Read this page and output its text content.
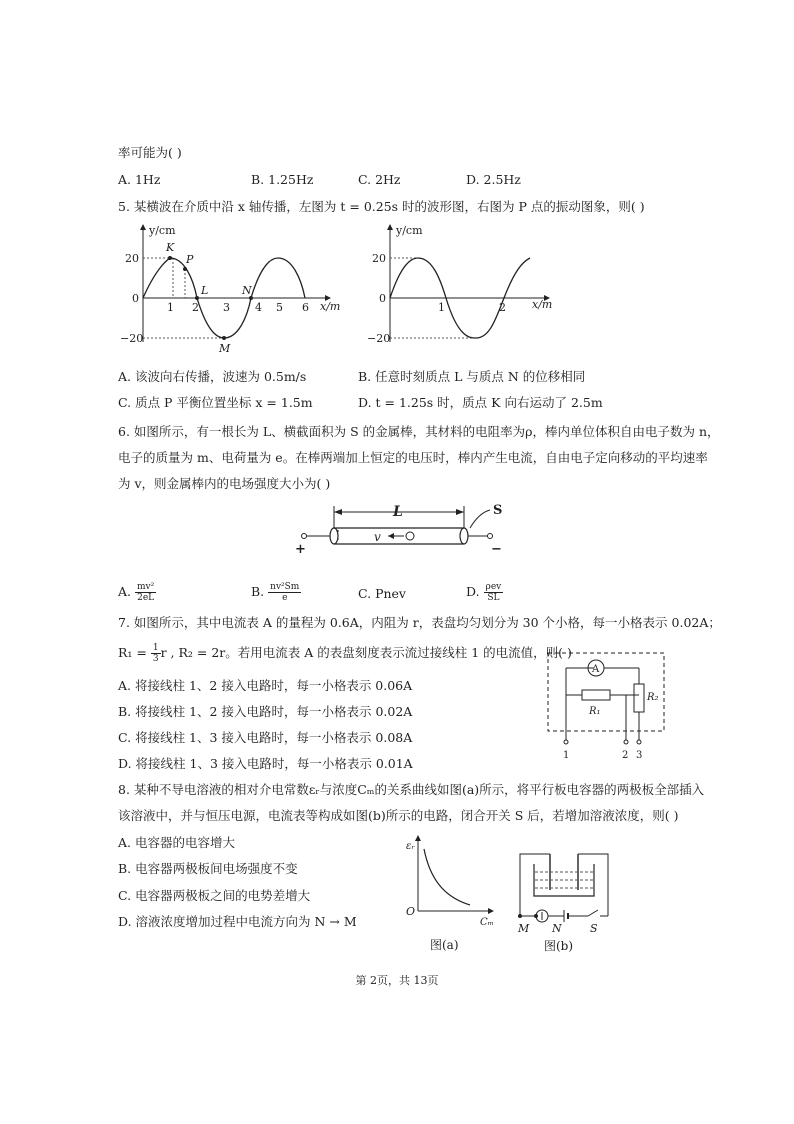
率可能为( )
A. 1Hz	B. 1.25Hz	C. 2Hz	D. 2.5Hz
5. 某横波在介质中沿 x 轴传播，左图为 t = 0.25s 时的波形图，右图为 P 点的振动图象，则( )
y/cm
x/m
20
0
−20
1 2 3 4 5 6
K
P
L	N
M
y/cm
x/m
20
0
−20
1	2
A. 该波向右传播，波速为 0.5m/s	B. 任意时刻质点 L 与质点 N 的位移相同
C. 质点 P 平衡位置坐标 x = 1.5m	D. t = 1.25s 时，质点 K 向右运动了 2.5m
6. 如图所示，有一根长为 L、横截面积为 S 的金属棒，其材料的电阻率为ρ，棒内单位体积自由电子数为 n，
电子的质量为 m、电荷量为 e。在棒两端加上恒定的电压时，棒内产生电流，自由电子定向移动的平均速率
为 v，则金属棒内的电场强度大小为( )
L
+	−
v
S
A. $\frac{\text{mv²}}{2eL}$	B. $\frac{\text{nv²Sm}}{e}$	C. Pnev	D. $\frac{\text{ρev}}{SL}$
7. 如图所示，其中电流表 A 的量程为 0.6A，内阻为 r，表盘均匀划分为 30 个小格，每一小格表示 0.02A；
$R_1 = \frac{1}{3}$ r , R₂ = 2r。若用电流表 A 的表盘刻度表示流过接线柱 1 的电流值，则( )
A
R₁
R₂
1	2 3
A. 将接线柱 1、2 接入电路时，每一小格表示 0.06A
B. 将接线柱 1、2 接入电路时，每一小格表示 0.02A
C. 将接线柱 1、3 接入电路时，每一小格表示 0.08A
D. 将接线柱 1、3 接入电路时，每一小格表示 0.01A
8. 某种不导电溶液的相对介电常数εᵣ与浓度Cₘ的关系曲线如图(a)所示，将平行板电容器的两极板全部插入
该溶液中，并与恒压电源，电流表等构成如图(b)所示的电路，闭合开关 S 后，若增加溶液浓度，则( )
A. 电容器的电容增大
B. 电容器两极板间电场强度不变
C. 电容器两极板之间的电势差增大
D. 溶液浓度增加过程中电流方向为 N → M
εᵣ
Cₘ
O
图(a)
M N	S
图(b)
第 2页，共 13页
